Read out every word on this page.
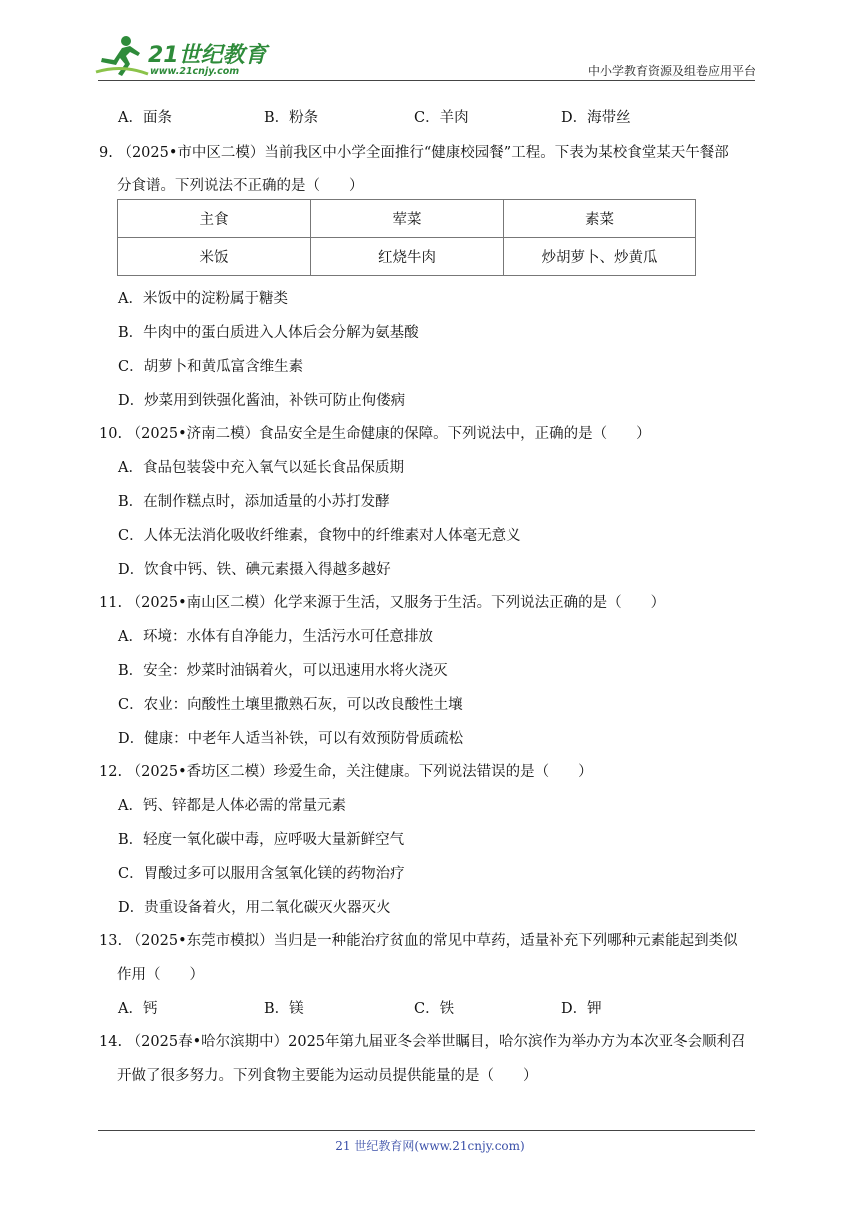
21世纪教育
www.21cnjy.com	中小学教育资源及组卷应用平台
A．面条	B．粉条	C．羊肉	D．海带丝
9. （2025•市中区二模）当前我区中小学全面推行“健康校园餐”工程。下表为某校食堂某天午餐部
分食谱。下列说法不正确的是（　　）
主食	荤菜	素菜
米饭	红烧牛肉	炒胡萝卜、炒黄瓜
A．米饭中的淀粉属于糖类
B．牛肉中的蛋白质进入人体后会分解为氨基酸
C．胡萝卜和黄瓜富含维生素
D．炒菜用到铁强化酱油，补铁可防止佝偻病
10. （2025•济南二模）食品安全是生命健康的保障。下列说法中，正确的是（　　）
A．食品包装袋中充入氧气以延长食品保质期
B．在制作糕点时，添加适量的小苏打发酵
C．人体无法消化吸收纤维素，食物中的纤维素对人体毫无意义
D．饮食中钙、铁、碘元素摄入得越多越好
11. （2025•南山区二模）化学来源于生活，又服务于生活。下列说法正确的是（　　）
A．环境：水体有自净能力，生活污水可任意排放
B．安全：炒菜时油锅着火，可以迅速用水将火浇灭
C．农业：向酸性土壤里撒熟石灰，可以改良酸性土壤
D．健康：中老年人适当补铁，可以有效预防骨质疏松
12. （2025•香坊区二模）珍爱生命，关注健康。下列说法错误的是（　　）
A．钙、锌都是人体必需的常量元素
B．轻度一氧化碳中毒，应呼吸大量新鲜空气
C．胃酸过多可以服用含氢氧化镁的药物治疗
D．贵重设备着火，用二氧化碳灭火器灭火
13. （2025•东莞市模拟）当归是一种能治疗贫血的常见中草药，适量补充下列哪种元素能起到类似
作用（　　）
A．钙	B．镁	C．铁	D．钾
14. （2025春•哈尔滨期中）2025年第九届亚冬会举世瞩目，哈尔滨作为举办方为本次亚冬会顺利召
开做了很多努力。下列食物主要能为运动员提供能量的是（　　）
21 世纪教育网(www.21cnjy.com)
